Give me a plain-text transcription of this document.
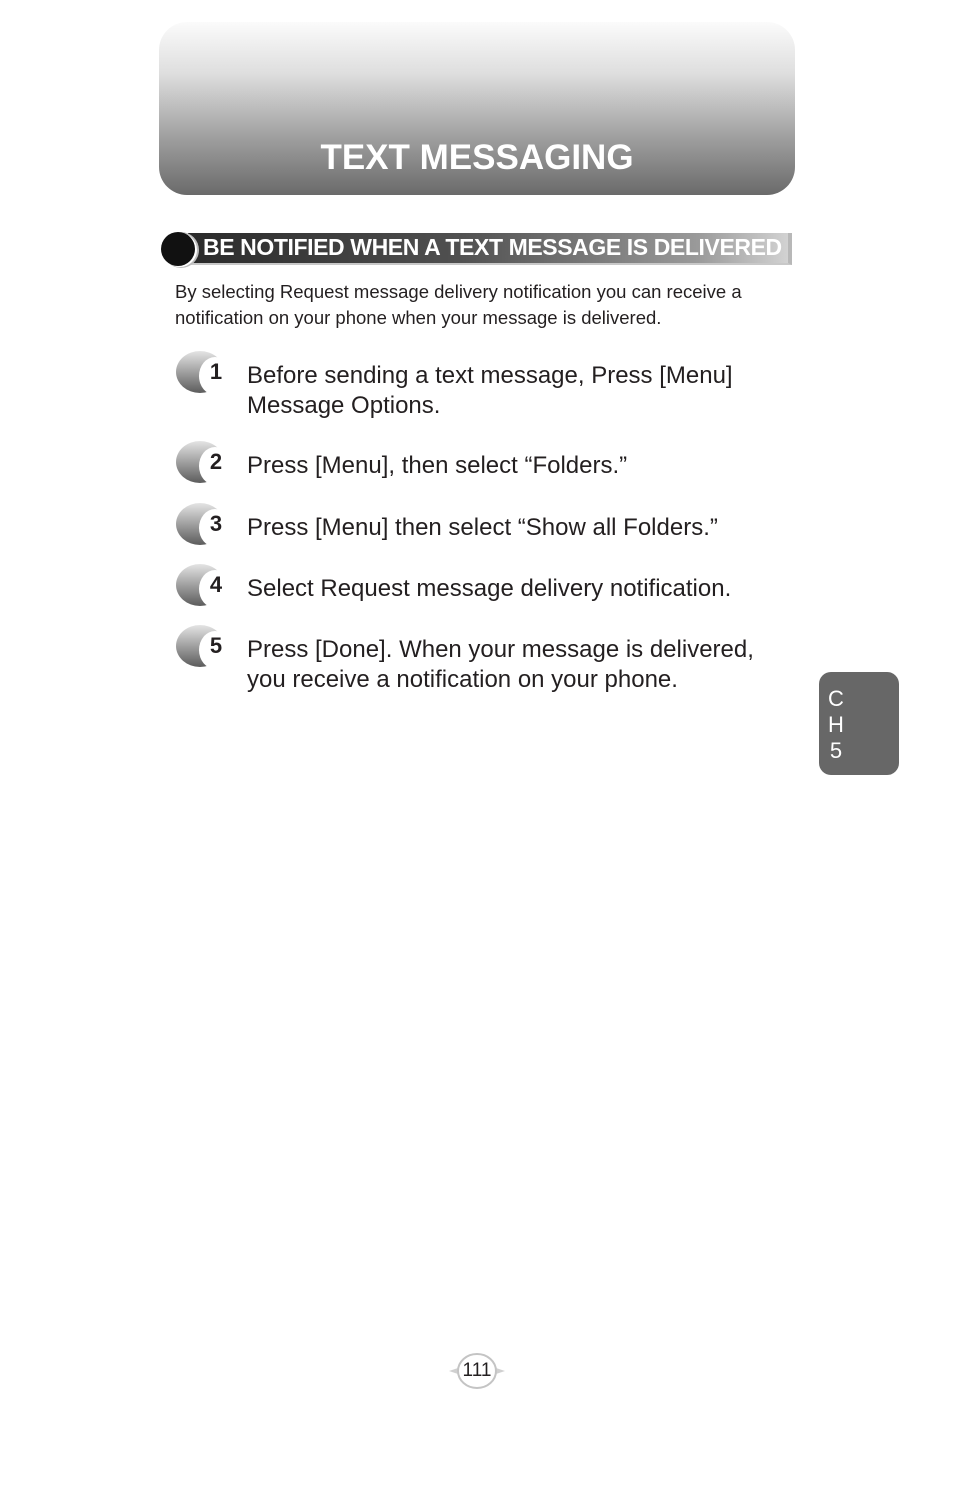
TEXT MESSAGING
BE NOTIFIED WHEN A TEXT MESSAGE IS DELIVERED
By selecting Request message delivery notification you can receive a notification on your phone when your message is delivered.
1 Before sending a text message, Press [Menu] Message Options.
2 Press [Menu], then select “Folders.”
3 Press [Menu] then select “Show all Folders.”
4 Select Request message delivery notification.
5 Press [Done]. When your message is delivered, you receive a notification on your phone.
C
H
5
111
